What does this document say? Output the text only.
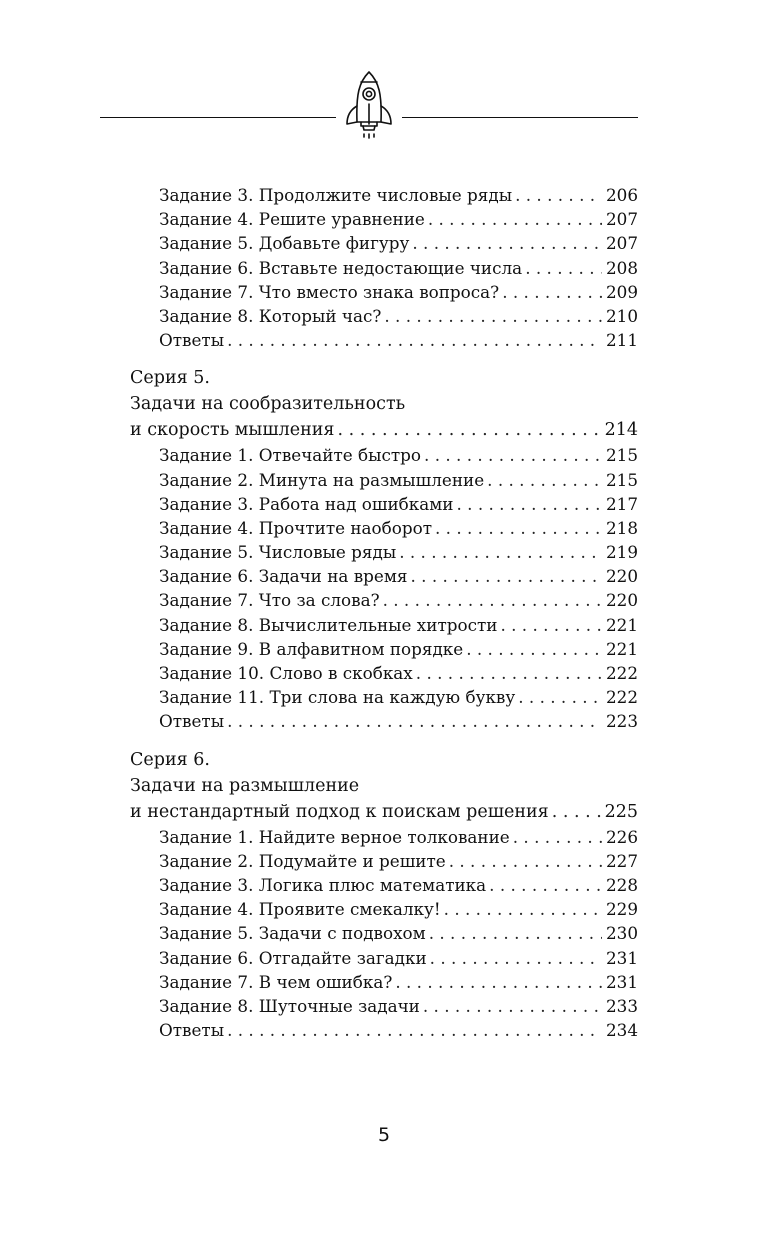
Задание 3. Продолжите числовые ряды . . .	206
Задание 4. Решите уравнение . . .	207
Задание 5. Добавьте фигуру . . .	207
Задание 6. Вставьте недостающие числа . . .	208
Задание 7. Что вместо знака вопроса? . . .	209
Задание 8. Который час? . . .	210
Ответы . . .	211
Серия 5.
Задачи на сообразительность
и скорость мышления . . .	214
Задание 1. Отвечайте быстро . . .	215
Задание 2. Минута на размышление . . .	215
Задание 3. Работа над ошибками . . .	217
Задание 4. Прочтите наоборот . . .	218
Задание 5. Числовые ряды . . .	219
Задание 6. Задачи на время . . .	220
Задание 7. Что за слова? . . .	220
Задание 8. Вычислительные хитрости . . .	221
Задание 9. В алфавитном порядке . . .	221
Задание 10. Слово в скобках . . .	222
Задание 11. Три слова на каждую букву . . .	222
Ответы . . .	223
Серия 6.
Задачи на размышление
и нестандартный подход к поискам решения . . .	225
Задание 1. Найдите верное толкование . . .	226
Задание 2. Подумайте и решите . . .	227
Задание 3. Логика плюс математика . . .	228
Задание 4. Проявите смекалку! . . .	229
Задание 5. Задачи с подвохом . . .	230
Задание 6. Отгадайте загадки . . .	231
Задание 7. В чем ошибка? . . .	231
Задание 8. Шуточные задачи . . .	233
Ответы . . .	234
5
